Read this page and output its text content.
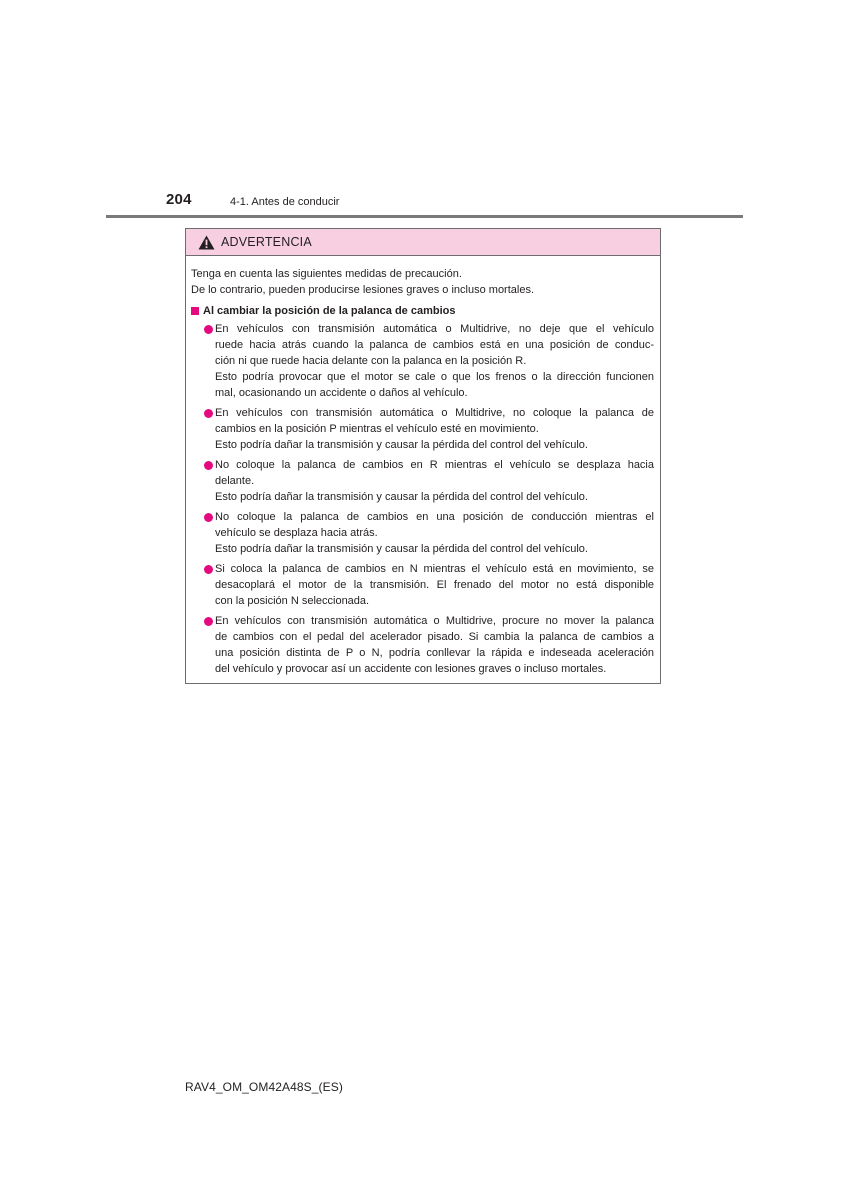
204	4-1. Antes de conducir
ADVERTENCIA

Tenga en cuenta las siguientes medidas de precaución.

De lo contrario, pueden producirse lesiones graves o incluso mortales.

Al cambiar la posición de la palanca de cambios
En vehículos con transmisión automática o Multidrive, no deje que el vehículo
ruede hacia atrás cuando la palanca de cambios está en una posición de conduc-
ción ni que ruede hacia delante con la palanca en la posición R.
Esto podría provocar que el motor se cale o que los frenos o la dirección funcionen
mal, ocasionando un accidente o daños al vehículo.
En vehículos con transmisión automática o Multidrive, no coloque la palanca de
cambios en la posición P mientras el vehículo esté en movimiento.
Esto podría dañar la transmisión y causar la pérdida del control del vehículo.
No coloque la palanca de cambios en R mientras el vehículo se desplaza hacia
delante.
Esto podría dañar la transmisión y causar la pérdida del control del vehículo.
No coloque la palanca de cambios en una posición de conducción mientras el
vehículo se desplaza hacia atrás.
Esto podría dañar la transmisión y causar la pérdida del control del vehículo.
Si coloca la palanca de cambios en N mientras el vehículo está en movimiento, se
desacoplará el motor de la transmisión. El frenado del motor no está disponible
con la posición N seleccionada.
En vehículos con transmisión automática o Multidrive, procure no mover la palanca
de cambios con el pedal del acelerador pisado. Si cambia la palanca de cambios a
una posición distinta de P o N, podría conllevar la rápida e indeseada aceleración
del vehículo y provocar así un accidente con lesiones graves o incluso mortales.
RAV4_OM_OM42A48S_(ES)
